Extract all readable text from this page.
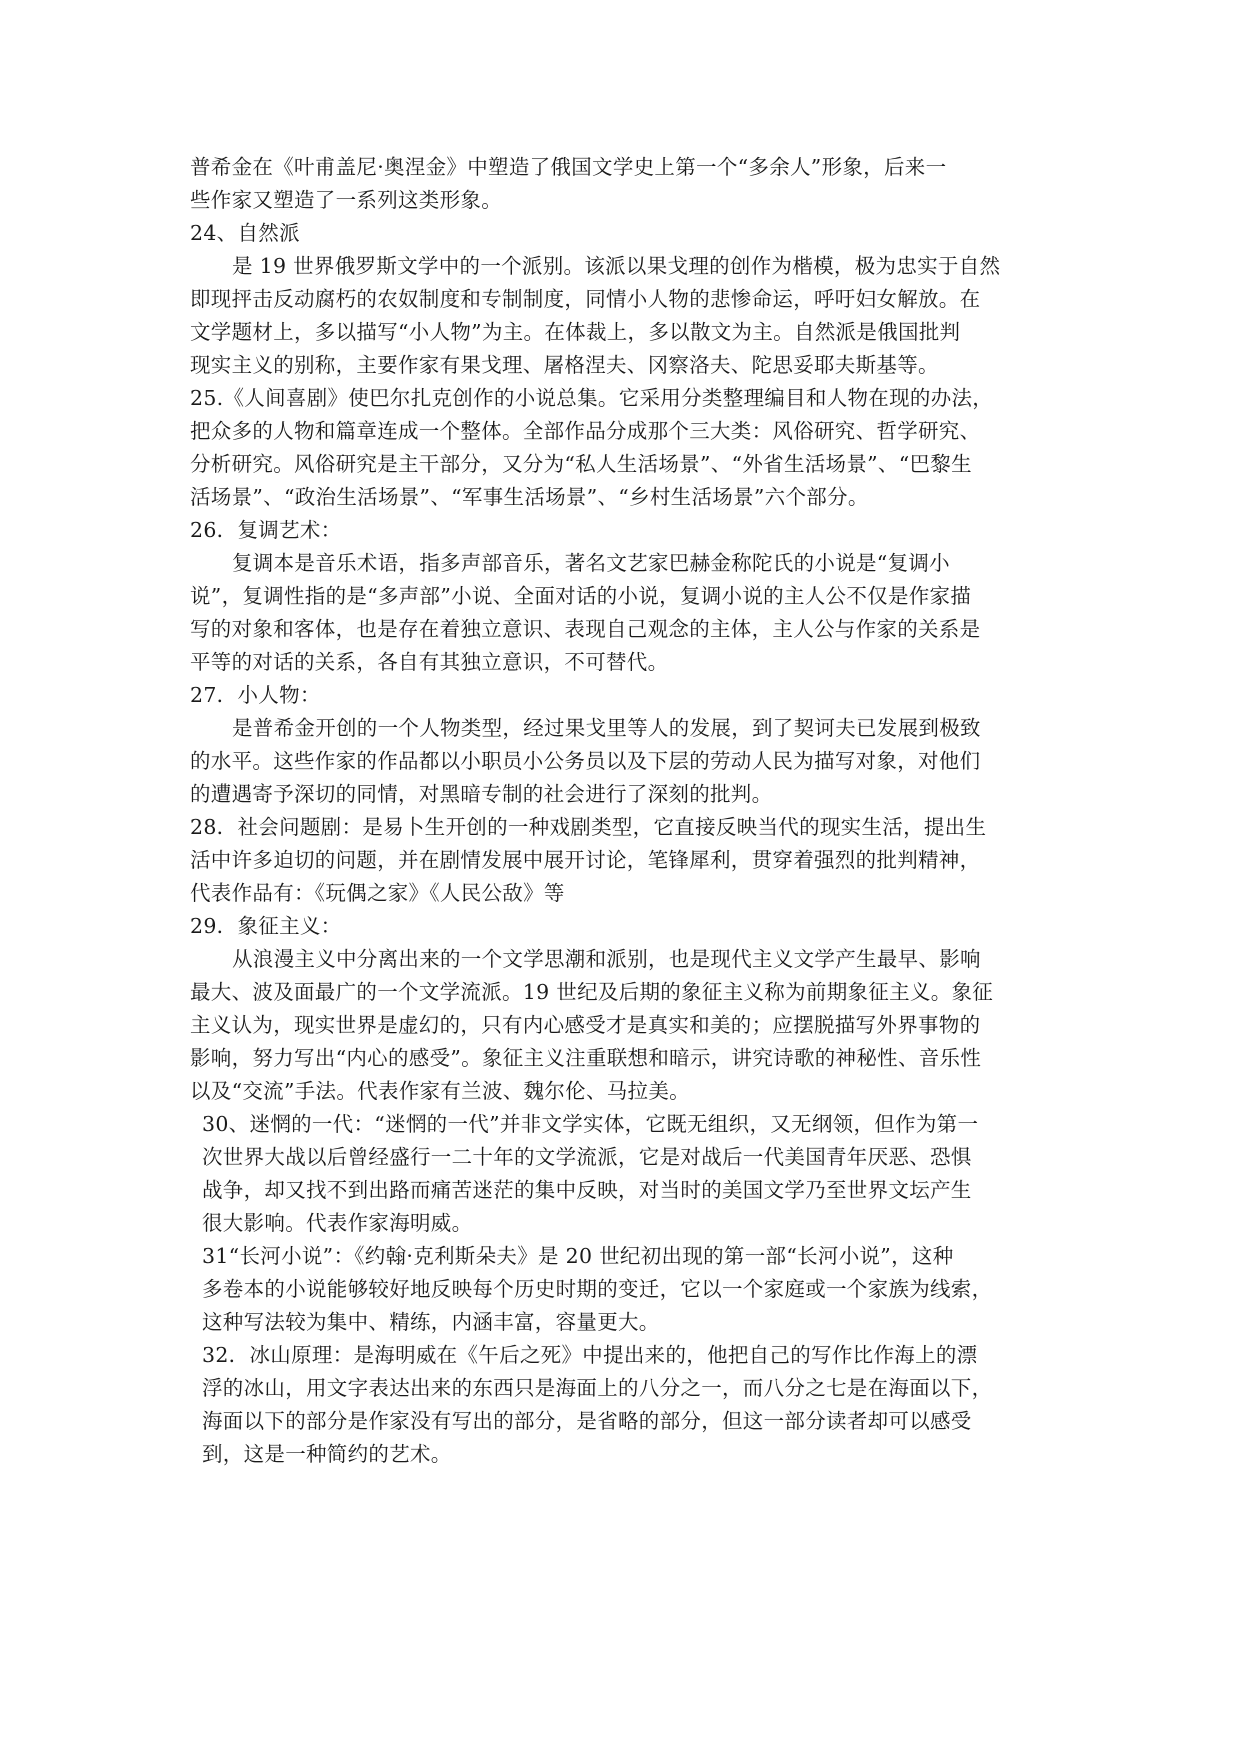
普希金在《叶甫盖尼·奥涅金》中塑造了俄国文学史上第一个“多余人”形象，后来一
些作家又塑造了一系列这类形象。
24、自然派
是 19 世界俄罗斯文学中的一个派别。该派以果戈理的创作为楷模，极为忠实于自然
即现抨击反动腐朽的农奴制度和专制制度，同情小人物的悲惨命运，呼吁妇女解放。在
文学题材上，多以描写“小人物”为主。在体裁上，多以散文为主。自然派是俄国批判
现实主义的别称，主要作家有果戈理、屠格涅夫、冈察洛夫、陀思妥耶夫斯基等。
25.《人间喜剧》使巴尔扎克创作的小说总集。它采用分类整理编目和人物在现的办法，
把众多的人物和篇章连成一个整体。全部作品分成那个三大类：风俗研究、哲学研究、
分析研究。风俗研究是主干部分，又分为“私人生活场景”、“外省生活场景”、“巴黎生
活场景”、“政治生活场景”、“军事生活场景”、“乡村生活场景”六个部分。
26．复调艺术：
复调本是音乐术语，指多声部音乐，著名文艺家巴赫金称陀氏的小说是“复调小
说”，复调性指的是“多声部”小说、全面对话的小说，复调小说的主人公不仅是作家描
写的对象和客体，也是存在着独立意识、表现自己观念的主体，主人公与作家的关系是
平等的对话的关系，各自有其独立意识，不可替代。
27．小人物：
是普希金开创的一个人物类型，经过果戈里等人的发展，到了契诃夫已发展到极致
的水平。这些作家的作品都以小职员小公务员以及下层的劳动人民为描写对象，对他们
的遭遇寄予深切的同情，对黑暗专制的社会进行了深刻的批判。
28．社会问题剧：是易卜生开创的一种戏剧类型，它直接反映当代的现实生活，提出生
活中许多迫切的问题，并在剧情发展中展开讨论，笔锋犀利，贯穿着强烈的批判精神，
代表作品有：《玩偶之家》《人民公敌》等
29．象征主义：
从浪漫主义中分离出来的一个文学思潮和派别，也是现代主义文学产生最早、影响
最大、波及面最广的一个文学流派。19 世纪及后期的象征主义称为前期象征主义。象征
主义认为，现实世界是虚幻的，只有内心感受才是真实和美的；应摆脱描写外界事物的
影响，努力写出“内心的感受”。象征主义注重联想和暗示，讲究诗歌的神秘性、音乐性
以及“交流”手法。代表作家有兰波、魏尔伦、马拉美。
30、迷惘的一代：“迷惘的一代”并非文学实体，它既无组织，又无纲领，但作为第一
次世界大战以后曾经盛行一二十年的文学流派，它是对战后一代美国青年厌恶、恐惧
战争，却又找不到出路而痛苦迷茫的集中反映，对当时的美国文学乃至世界文坛产生
很大影响。代表作家海明威。
31“长河小说”：《约翰·克利斯朵夫》是 20 世纪初出现的第一部“长河小说”，这种
多卷本的小说能够较好地反映每个历史时期的变迁，它以一个家庭或一个家族为线索，
这种写法较为集中、精练，内涵丰富，容量更大。
32．冰山原理：是海明威在《午后之死》中提出来的，他把自己的写作比作海上的漂
浮的冰山，用文字表达出来的东西只是海面上的八分之一，而八分之七是在海面以下，
海面以下的部分是作家没有写出的部分，是省略的部分，但这一部分读者却可以感受
到，这是一种简约的艺术。
